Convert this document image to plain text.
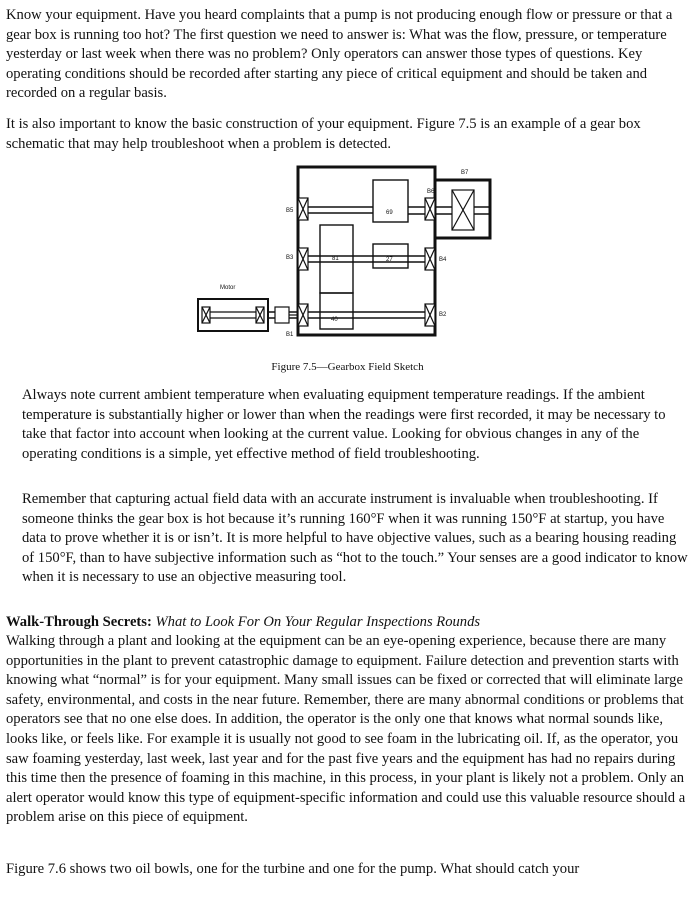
Know your equipment. Have you heard complaints that a pump is not producing enough flow or pressure or that a gear box is running too hot? The first question we need to answer is: What was the flow, pressure, or temperature yesterday or last week when there was no problem? Only operators can answer those types of questions. Key operating conditions should be recorded after starting any piece of critical equipment and should be taken and recorded on a regular basis.

It is also important to know the basic construction of your equipment. Figure 7.5 is an example of a gear box schematic that may help troubleshoot when a problem is detected.

B5
B6
B7
B3	B4
B1
B2
69
81	27
40
Motor
Figure 7.5—Gearbox Field Sketch

Always note current ambient temperature when evaluating equipment temperature readings. If the ambient temperature is substantially higher or lower than when the readings were first recorded, it may be necessary to take that factor into account when looking at the current value. Looking for obvious changes in any of the operating conditions is a simple, yet effective method of field troubleshooting.

Remember that capturing actual field data with an accurate instrument is invaluable when troubleshooting. If someone thinks the gear box is hot because it’s running 160°F when it was running 150°F at startup, you have data to prove whether it is or isn’t. It is more helpful to have objective values, such as a bearing housing reading of 150°F, than to have subjective information such as “hot to the touch.” Your senses are a good indicator to know when it is necessary to use an objective measuring tool.

Walk-Through Secrets: What to Look For On Your Regular Inspections Rounds

Walking through a plant and looking at the equipment can be an eye-opening experience, because there are many opportunities in the plant to prevent catastrophic damage to equipment. Failure detection and prevention starts with knowing what “normal” is for your equipment. Many small issues can be fixed or corrected that will eliminate large safety, environmental, and costs in the near future. Remember, there are many abnormal conditions or problems that operators see that no one else does. In addition, the operator is the only one that knows what normal sounds like, looks like, or feels like. For example it is usually not good to see foam in the lubricating oil. If, as the operator, you saw foaming yesterday, last week, last year and for the past five years and the equipment has had no repairs during this time then the presence of foaming in this machine, in this process, in your plant is likely not a problem. Only an alert operator would know this type of equipment-specific information and could use this valuable resource should a problem arise on this piece of equipment.

Figure 7.6 shows two oil bowls, one for the turbine and one for the pump. What should catch your
